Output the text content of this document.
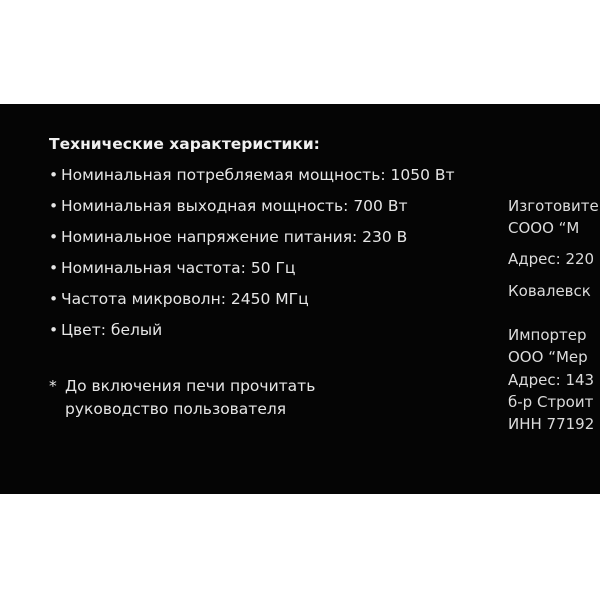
Технические характеристики:
• Номинальная потребляемая мощность: 1050 Вт
• Номинальная выходная мощность: 700 Вт
• Номинальное напряжение питания: 230 В
• Номинальная частота: 50 Гц
• Частота микроволн: 2450 МГц
• Цвет: белый
* До включения печи прочитать
руководство пользователя
Изготовите
СООО “М
Адрес: 220
Ковалевск
Импортер
ООО “Мер
Адрес: 143
б-р Строит
ИНН 77192
